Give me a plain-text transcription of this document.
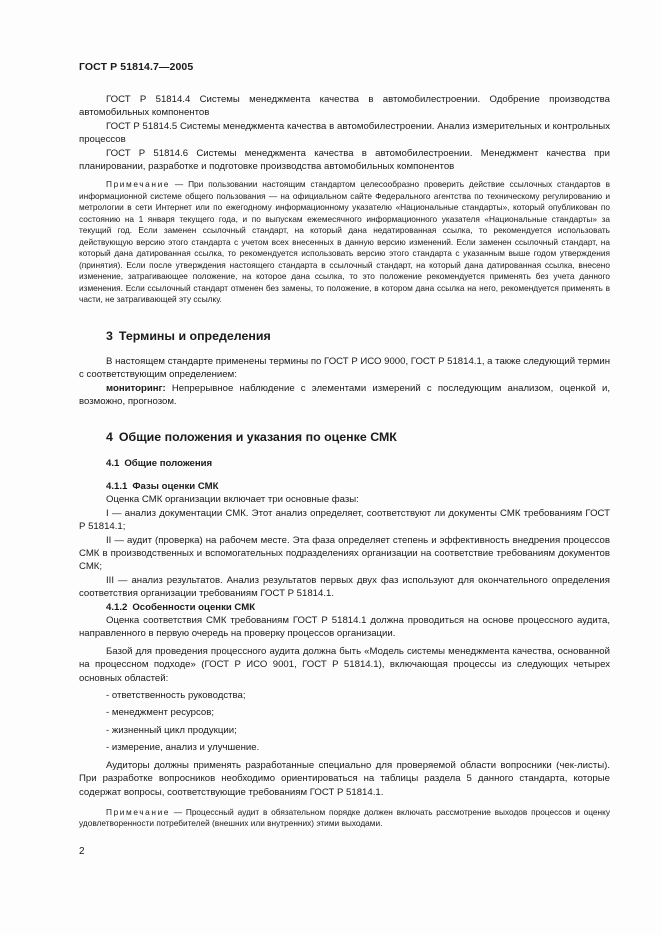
ГОСТ Р 51814.7—2005

ГОСТ Р 51814.4 Системы менеджмента качества в автомобилестроении. Одобрение производства автомобильных компонентов

ГОСТ Р 51814.5 Системы менеджмента качества в автомобилестроении. Анализ измерительных и контрольных процессов

ГОСТ Р 51814.6 Системы менеджмента качества в автомобилестроении. Менеджмент качества при планировании, разработке и подготовке производства автомобильных компонентов

Примечание — При пользовании настоящим стандартом целесообразно проверить действие ссылочных стандартов в информационной системе общего пользования — на официальном сайте Федерального агентства по техническому регулированию и метрологии в сети Интернет или по ежегодному информационному указателю «Национальные стандарты», который опубликован по состоянию на 1 января текущего года, и по выпускам ежемесячного информационного указателя «Национальные стандарты» за текущий год. Если заменен ссылочный стандарт, на который дана недатированная ссылка, то рекомендуется использовать действующую версию этого стандарта с учетом всех внесенных в данную версию изменений. Если заменен ссылочный стандарт, на который дана датированная ссылка, то рекомендуется использовать версию этого стандарта с указанным выше годом утверждения (принятия). Если после утверждения настоящего стандарта в ссылочный стандарт, на который дана датированная ссылка, внесено изменение, затрагивающее положение, на которое дана ссылка, то это положение рекомендуется применять без учета данного изменения. Если ссылочный стандарт отменен без замены, то положение, в котором дана ссылка на него, рекомендуется применять в части, не затрагивающей эту ссылку.

3 Термины и определения

В настоящем стандарте применены термины по ГОСТ Р ИСО 9000, ГОСТ Р 51814.1, а также следующий термин с соответствующим определением:

мониторинг: Непрерывное наблюдение с элементами измерений с последующим анализом, оценкой и, возможно, прогнозом.

4 Общие положения и указания по оценке СМК

4.1 Общие положения

4.1.1 Фазы оценки СМК

Оценка СМК организации включает три основные фазы:

I — анализ документации СМК. Этот анализ определяет, соответствуют ли документы СМК требованиям ГОСТ Р 51814.1;

II — аудит (проверка) на рабочем месте. Эта фаза определяет степень и эффективность внедрения процессов СМК в производственных и вспомогательных подразделениях организации на соответствие требованиям документов СМК;

III — анализ результатов. Анализ результатов первых двух фаз используют для окончательного определения соответствия организации требованиям ГОСТ Р 51814.1.

4.1.2 Особенности оценки СМК

Оценка соответствия СМК требованиям ГОСТ Р 51814.1 должна проводиться на основе процессного аудита, направленного в первую очередь на проверку процессов организации.

Базой для проведения процессного аудита должна быть «Модель системы менеджмента качества, основанной на процессном подходе» (ГОСТ Р ИСО 9001, ГОСТ Р 51814.1), включающая процессы из следующих четырех основных областей:

- ответственность руководства;

- менеджмент ресурсов;

- жизненный цикл продукции;

- измерение, анализ и улучшение.

Аудиторы должны применять разработанные специально для проверяемой области вопросники (чек-листы). При разработке вопросников необходимо ориентироваться на таблицы раздела 5 данного стандарта, которые содержат вопросы, соответствующие требованиям ГОСТ Р 51814.1.

Примечание — Процессный аудит в обязательном порядке должен включать рассмотрение выходов процессов и оценку удовлетворенности потребителей (внешних или внутренних) этими выходами.

2
